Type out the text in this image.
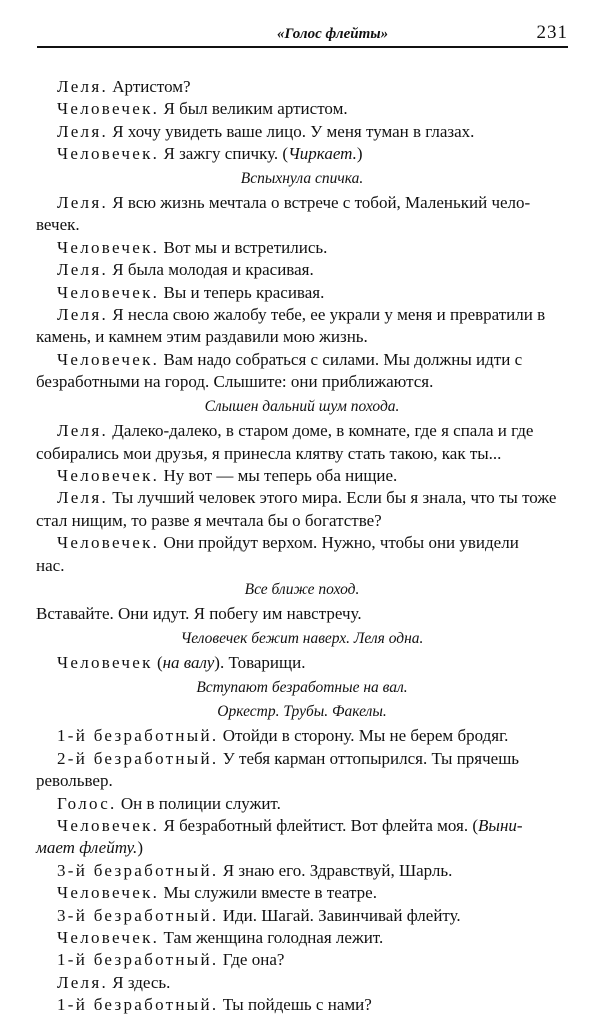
«Голос флейты»	231

Леля. Артистом?

Человечек. Я был великим артистом.

Леля. Я хочу увидеть ваше лицо. У меня туман в глазах.

Человечек. Я зажгу спичку. (Чиркает.)

Вспыхнула спичка.

Леля. Я всю жизнь мечтала о встрече с тобой, Маленький чело-

вечек.

Человечек. Вот мы и встретились.

Леля. Я была молодая и красивая.

Человечек. Вы и теперь красивая.

Леля. Я несла свою жалобу тебе, ее украли у меня и превратили в

камень, и камнем этим раздавили мою жизнь.

Человечек. Вам надо собраться с силами. Мы должны идти с

безработными на город. Слышите: они приближаются.

Слышен дальний шум похода.

Леля. Далеко-далеко, в старом доме, в комнате, где я спала и где

собирались мои друзья, я принесла клятву стать такою, как ты...

Человечек. Ну вот — мы теперь оба нищие.

Леля. Ты лучший человек этого мира. Если бы я знала, что ты тоже

стал нищим, то разве я мечтала бы о богатстве?

Человечек. Они пройдут верхом. Нужно, чтобы они увидели

нас.

Все ближе поход.

Вставайте. Они идут. Я побегу им навстречу.

Человечек бежит наверх. Леля одна.

Человечек (на валу). Товарищи.

Вступают безработные на вал.

Оркестр. Трубы. Факелы.

1-й безработный. Отойди в сторону. Мы не берем бродяг.

2-й безработный. У тебя карман оттопырился. Ты прячешь

револьвер.

Голос. Он в полиции служит.

Человечек. Я безработный флейтист. Вот флейта моя. (Выни-

мает флейту.)

3-й безработный. Я знаю его. Здравствуй, Шарль.

Человечек. Мы служили вместе в театре.

3-й безработный. Иди. Шагай. Завинчивай флейту.

Человечек. Там женщина голодная лежит.

1-й безработный. Где она?

Леля. Я здесь.

1-й безработный. Ты пойдешь с нами?
